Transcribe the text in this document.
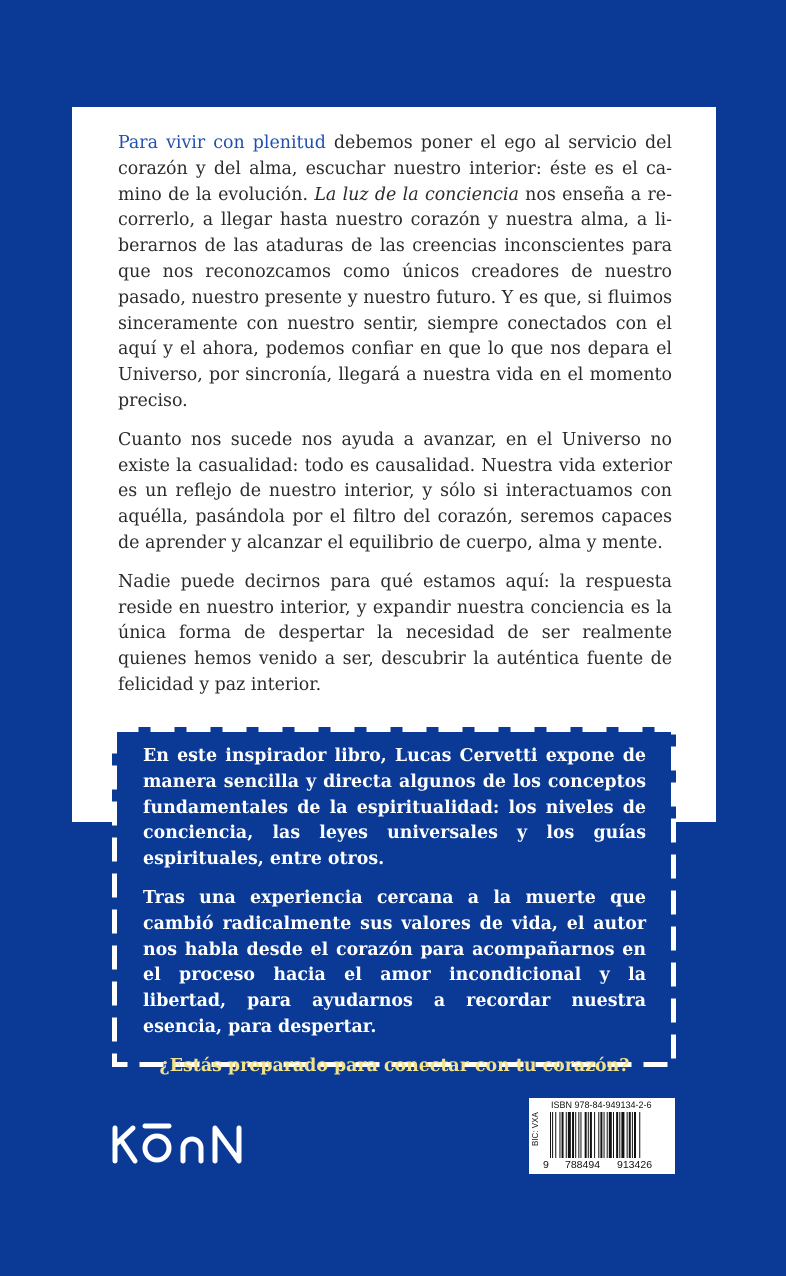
Para vivir con plenitud debemos poner el ego al servicio del corazón y del alma, escuchar nuestro interior: éste es el camino de la evolución. La luz de la conciencia nos enseña a recorrerlo, a llegar hasta nuestro corazón y nuestra alma, a liberarnos de las ataduras de las creencias inconscientes para que nos reconozcamos como únicos creadores de nuestro pasado, nuestro presente y nuestro futuro. Y es que, si fluimos sinceramente con nuestro sentir, siempre conectados con el aquí y el ahora, podemos confiar en que lo que nos depara el Universo, por sincronía, llegará a nuestra vida en el momento preciso.

Cuanto nos sucede nos ayuda a avanzar, en el Universo no existe la casualidad: todo es causalidad. Nuestra vida exterior es un reflejo de nuestro interior, y sólo si interactuamos con aquélla, pasándola por el filtro del corazón, seremos capaces de aprender y alcanzar el equilibrio de cuerpo, alma y mente.

Nadie puede decirnos para qué estamos aquí: la respuesta reside en nuestro interior, y expandir nuestra conciencia es la única forma de despertar la necesidad de ser realmente quienes hemos venido a ser, descubrir la auténtica fuente de felicidad y paz interior.

En este inspirador libro, Lucas Cervetti expone de manera sencilla y directa algunos de los conceptos fundamentales de la espiritualidad: los niveles de conciencia, las leyes universales y los guías espirituales, entre otros.

Tras una experiencia cercana a la muerte que cambió radicalmente sus valores de vida, el autor nos habla desde el corazón para acompañarnos en el proceso hacia el amor incondicional y la libertad, para ayudarnos a recordar nuestra esencia, para despertar.

¿Estás preparado para conectar con tu corazón?

BIC: VXA
ISBN 978-84-949134-2-6
9 788494 913426
